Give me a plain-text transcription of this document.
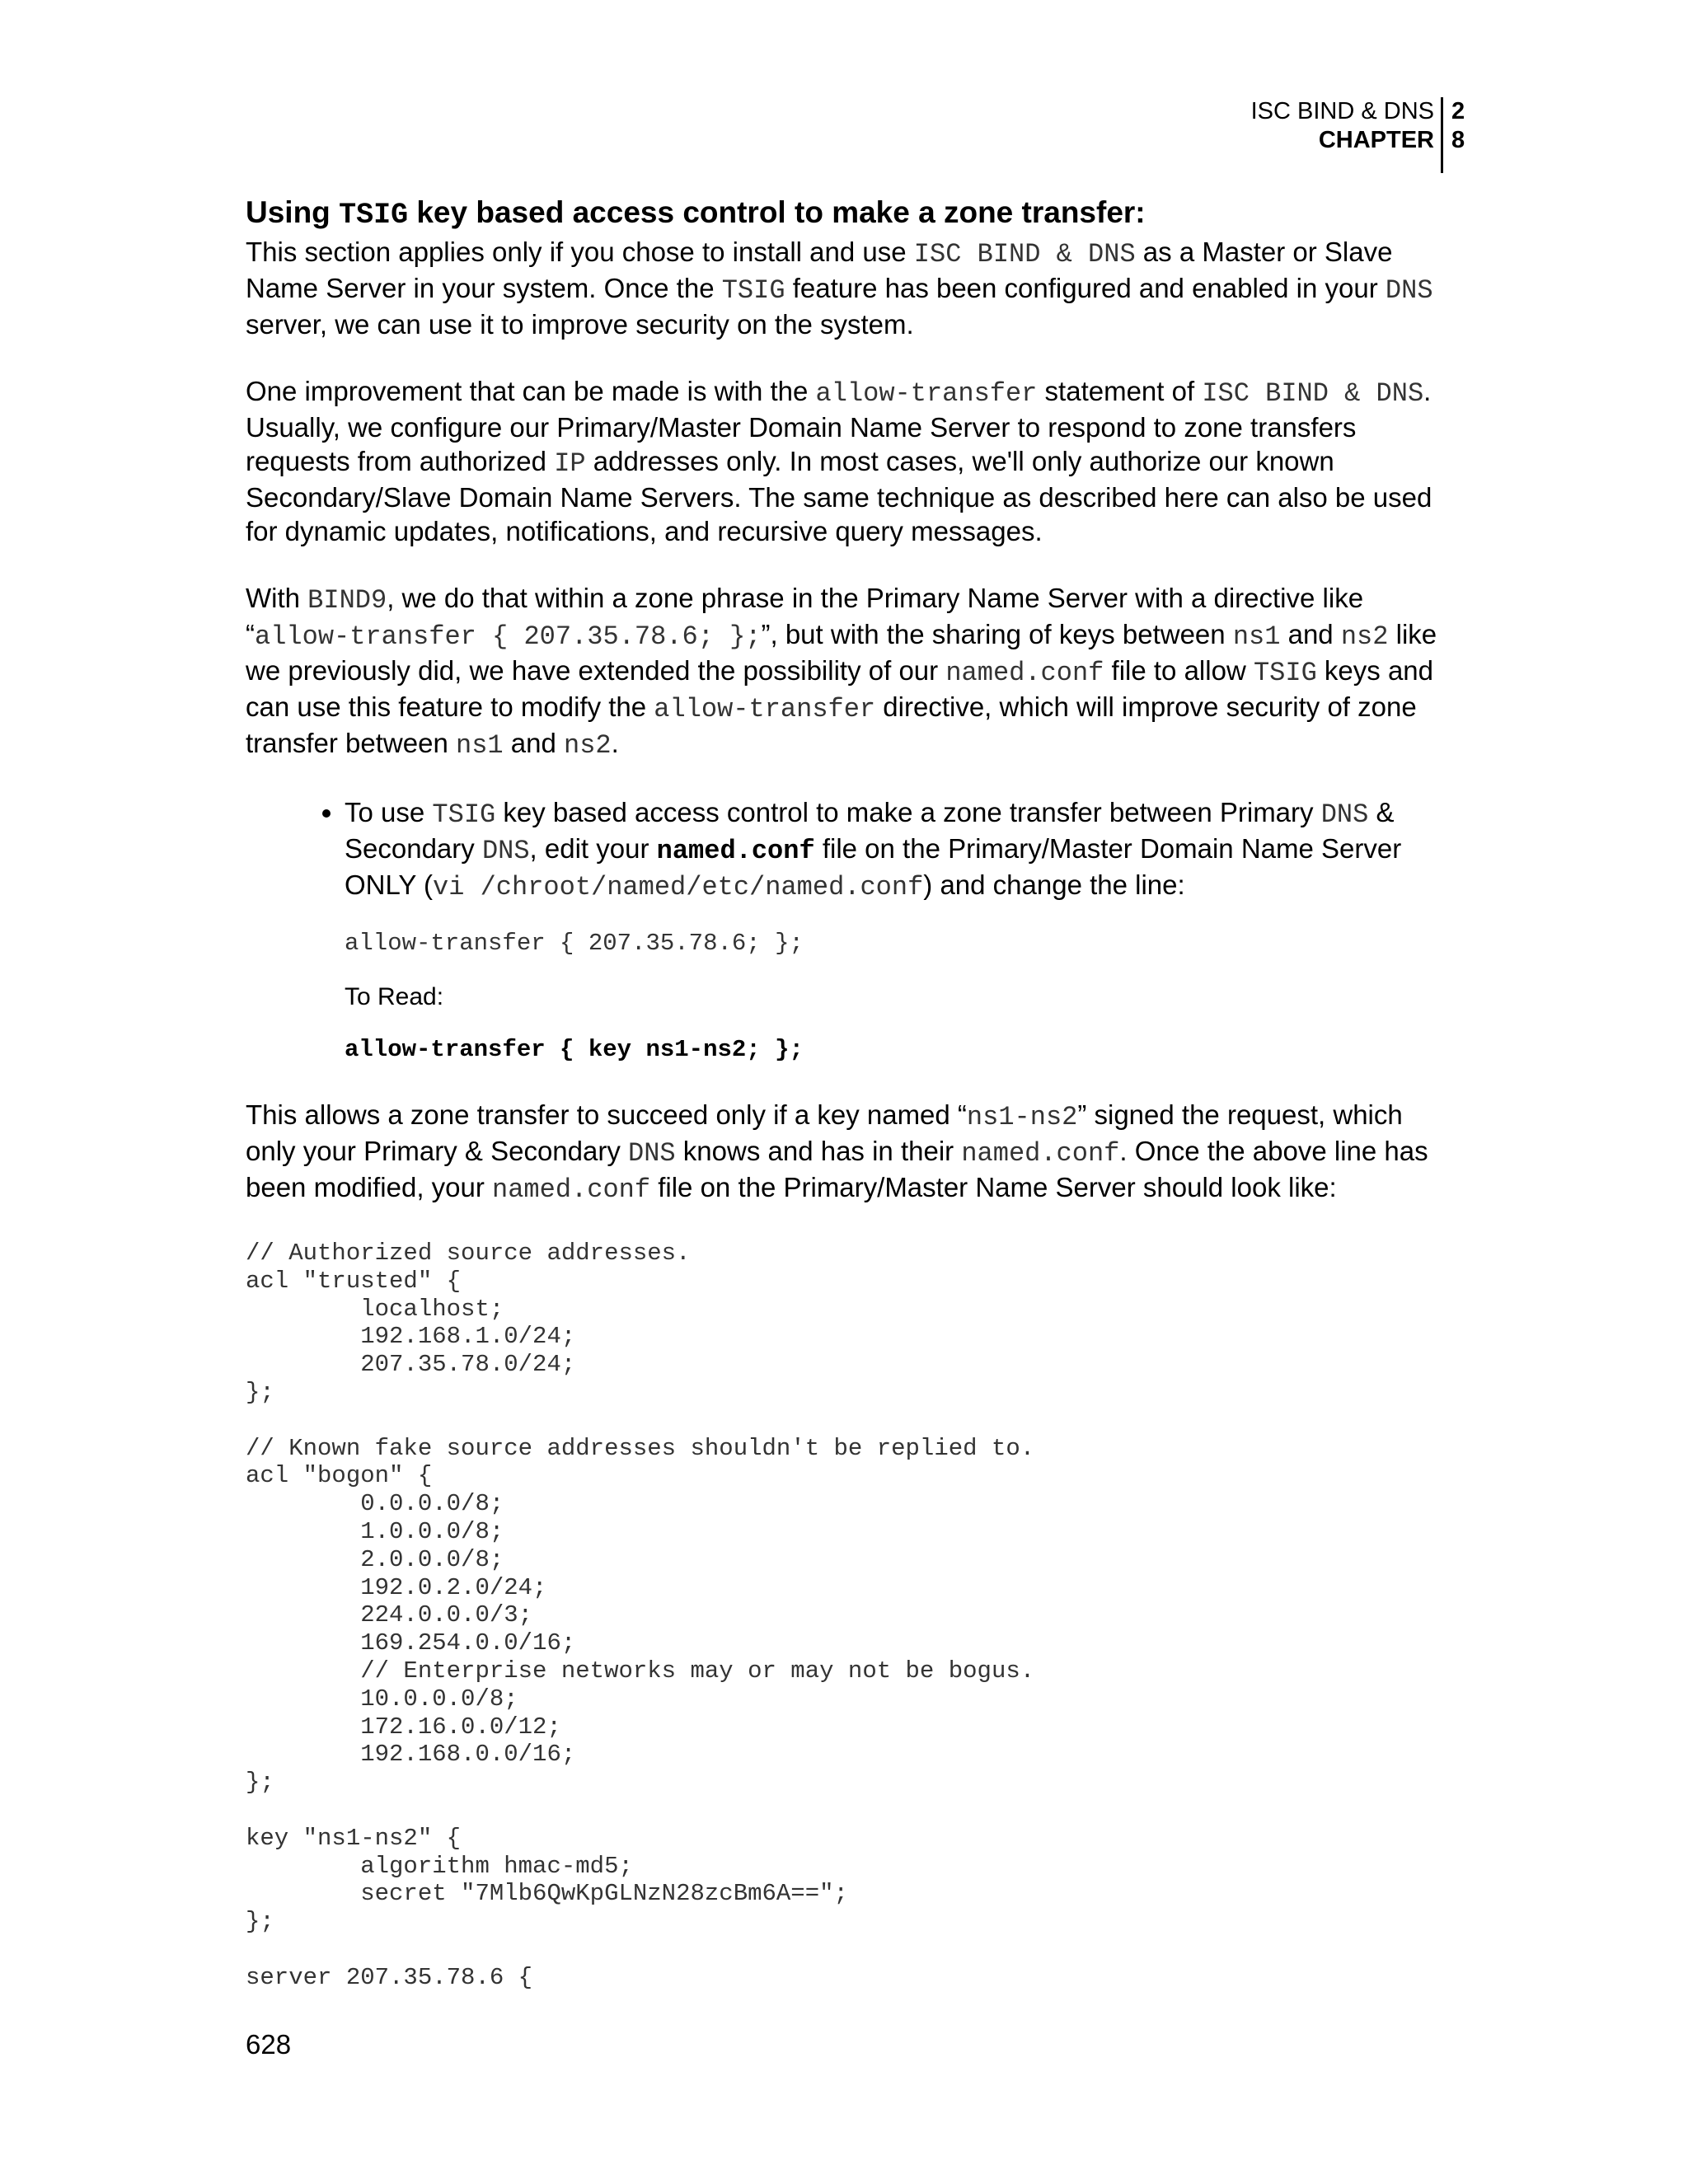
ISC BIND & DNS
CHAPTER
2
8
Using TSIG key based access control to make a zone transfer:

This section applies only if you chose to install and use ISC BIND & DNS as a Master or Slave Name Server in your system. Once the TSIG feature has been configured and enabled in your DNS server, we can use it to improve security on the system.

One improvement that can be made is with the allow-transfer statement of ISC BIND & DNS. Usually, we configure our Primary/Master Domain Name Server to respond to zone transfers requests from authorized IP addresses only. In most cases, we'll only authorize our known Secondary/Slave Domain Name Servers. The same technique as described here can also be used for dynamic updates, notifications, and recursive query messages.

With BIND9, we do that within a zone phrase in the Primary Name Server with a directive like “allow-transfer { 207.35.78.6; };”, but with the sharing of keys between ns1 and ns2 like we previously did, we have extended the possibility of our named.conf file to allow TSIG keys and can use this feature to modify the allow-transfer directive, which will improve security of zone transfer between ns1 and ns2.

• To use TSIG key based access control to make a zone transfer between Primary DNS & Secondary DNS, edit your named.conf file on the Primary/Master Domain Name Server ONLY (vi /chroot/named/etc/named.conf) and change the line:
allow-transfer { 207.35.78.6; };
To Read:
allow-transfer { key ns1-ns2; };

This allows a zone transfer to succeed only if a key named “ns1-ns2” signed the request, which only your Primary & Secondary DNS knows and has in their named.conf. Once the above line has been modified, your named.conf file on the Primary/Master Name Server should look like:

// Authorized source addresses.
acl "trusted" {
localhost;
192.168.1.0/24;
207.35.78.0/24;
};

// Known fake source addresses shouldn't be replied to.
acl "bogon" {
0.0.0.0/8;
1.0.0.0/8;
2.0.0.0/8;
192.0.2.0/24;
224.0.0.0/3;
169.254.0.0/16;
// Enterprise networks may or may not be bogus.
10.0.0.0/8;
172.16.0.0/12;
192.168.0.0/16;
};

key "ns1-ns2" {
algorithm hmac-md5;
secret "7Mlb6QwKpGLNzN28zcBm6A==";
};

server 207.35.78.6 {
628
